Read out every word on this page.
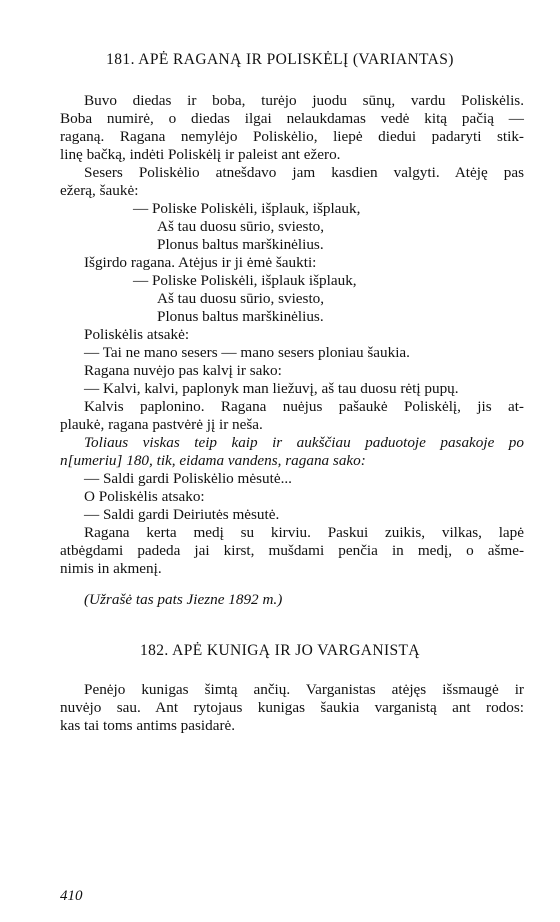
181. APĖ RAGANĄ IR POLISKĖLĮ (VARIANTAS)
Buvo diedas ir boba, turėjo juodu sūnų, vardu Poliskėlis.
Boba numirė, o diedas ilgai nelaukdamas vedė kitą pačią —
raganą. Ragana nemylėjo Poliskėlio, liepė diedui padaryti stik-
linę bačką, indėti Poliskėlį ir paleist ant ežero.
Sesers Poliskėlio atnešdavo jam kasdien valgyti. Atėję pas
ežerą, šaukė:
— Poliske Poliskėli, išplauk, išplauk,
Aš tau duosu sūrio, sviesto,
Plonus baltus marškinėlius.
Išgirdo ragana. Atėjus ir ji ėmė šaukti:
— Poliske Poliskėli, išplauk išplauk,
Aš tau duosu sūrio, sviesto,
Plonus baltus marškinėlius.
Poliskėlis atsakė:
— Tai ne mano sesers — mano sesers ploniau šaukia.
Ragana nuvėjo pas kalvį ir sako:
— Kalvi, kalvi, paplonyk man liežuvį, aš tau duosu rėtį pupų.
Kalvis paplonino. Ragana nuėjus pašaukė Poliskėlį, jis at-
plaukė, ragana pastvėrė jį ir neša.
Toliaus viskas teip kaip ir aukščiau paduotoje pasakoje po
n[umeriu] 180, tik, eidama vandens, ragana sako:
— Saldi gardi Poliskėlio mėsutė...
O Poliskėlis atsako:
— Saldi gardi Deiriutės mėsutė.
Ragana kerta medį su kirviu. Paskui zuikis, vilkas, lapė
atbėgdami padeda jai kirst, mušdami penčia in medį, o ašme-
nimis in akmenį.
(Užrašė tas pats Jiezne 1892 m.)
182. APĖ KUNIGĄ IR JO VARGANISTĄ
Penėjo kunigas šimtą ančių. Varganistas atėjęs išsmaugė ir
nuvėjo sau. Ant rytojaus kunigas šaukia varganistą ant rodos:
kas tai toms antims pasidarė.
410
